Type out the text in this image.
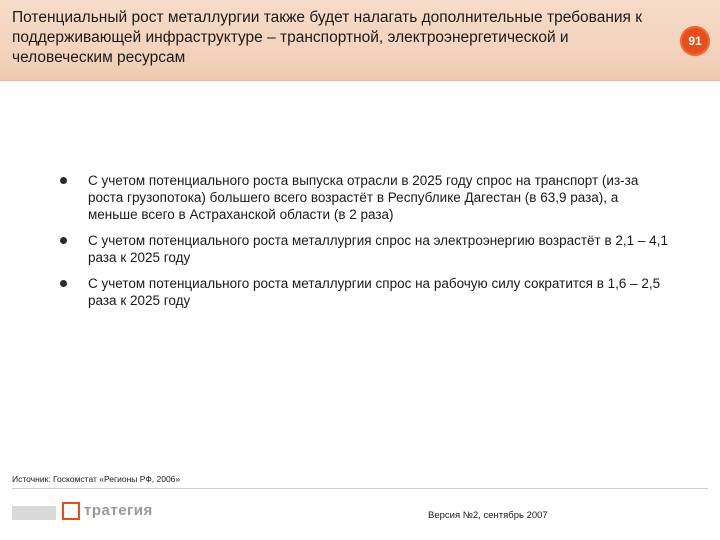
Потенциальный рост металлургии также будет налагать дополнительные требования к поддерживающей инфраструктуре – транспортной, электроэнергетической и человеческим ресурсам
91
С учетом потенциального роста выпуска отрасли в 2025 году спрос на транспорт (из-за роста грузопотока) большего всего возрастёт в Республике Дагестан (в 63,9 раза), а меньше всего в Астраханской области (в 2 раза)
С учетом потенциального роста металлургия спрос на электроэнергию возрастёт в 2,1 – 4,1 раза к 2025 году
С учетом потенциального роста металлургии спрос на рабочую силу сократится в 1,6 – 2,5 раза к 2025 году
Источник: Госкомстат «Регионы РФ, 2006»
тратегия	Версия №2, сентябрь 2007
